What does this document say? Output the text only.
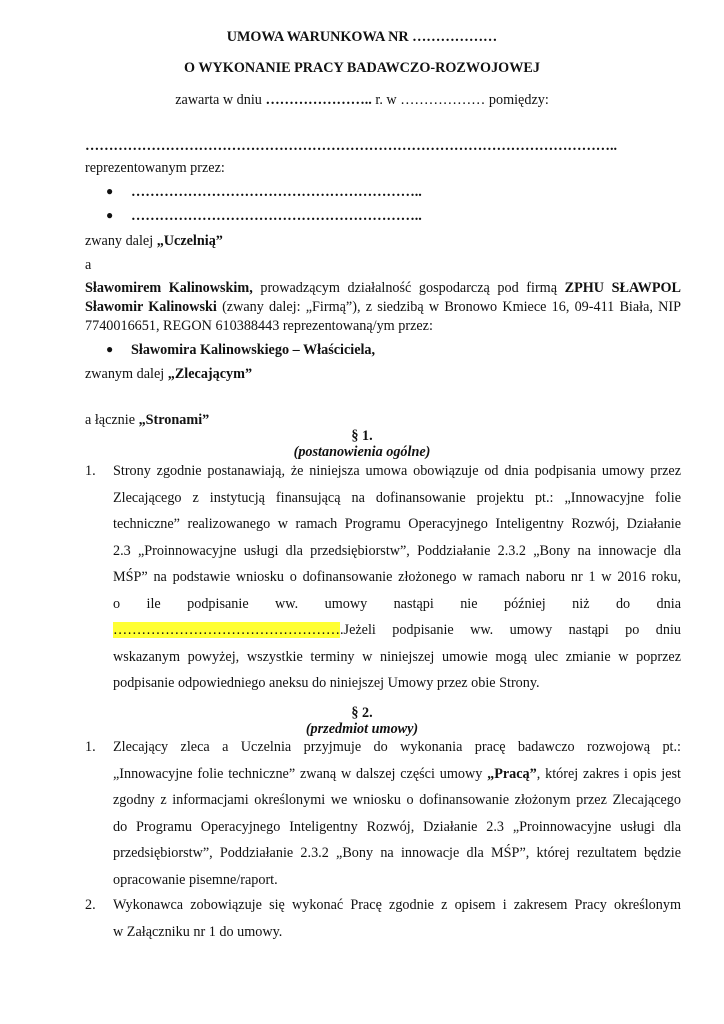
UMOWA WARUNKOWA NR ………………
O WYKONANIE PRACY BADAWCZO-ROZWOJOWEJ
zawarta w dniu ………………….. r. w ……………… pomiędzy:
…………………………………………………………………………………………………..
reprezentowanym przez:
● ……………………………………………………..
● ……………………………………………………..
zwany dalej „Uczelnią”
a
Sławomirem Kalinowskim, prowadzącym działalność gospodarczą pod firmą ZPHU SŁAWPOL
Sławomir Kalinowski (zwany dalej: „Firmą”), z siedzibą w Bronowo Kmiece 16, 09-411 Biała, NIP
7740016651, REGON 610388443 reprezentowaną/ym przez:
● Sławomira Kalinowskiego – Właściciela,
zwanym dalej „Zlecającym”
a łącznie „Stronami”
§ 1.
(postanowienia ogólne)
1. Strony zgodnie postanawiają, że niniejsza umowa obowiązuje od dnia podpisania umowy przez
Zlecającego z instytucją finansującą na dofinansowanie projektu pt.: „Innowacyjne folie
techniczne” realizowanego w ramach Programu Operacyjnego Inteligentny Rozwój, Działanie
2.3 „Proinnowacyjne usługi dla przedsiębiorstw”, Poddziałanie 2.3.2 „Bony na innowacje dla
MŚP” na podstawie wniosku o dofinansowanie złożonego w ramach naboru nr 1 w 2016 roku,
o ile podpisanie ww. umowy nastąpi nie później niż do dnia
………………………………………….Jeżeli podpisanie ww. umowy nastąpi po dniu
wskazanym powyżej, wszystkie terminy w niniejszej umowie mogą ulec zmianie w poprzez
podpisanie odpowiedniego aneksu do niniejszej Umowy przez obie Strony.
§ 2.
(przedmiot umowy)
1. Zlecający zleca a Uczelnia przyjmuje do wykonania pracę badawczo rozwojową pt.:
„Innowacyjne folie techniczne” zwaną w dalszej części umowy „Pracą”, której zakres i opis jest
zgodny z informacjami określonymi we wniosku o dofinansowanie złożonym przez Zlecającego
do Programu Operacyjnego Inteligentny Rozwój, Działanie 2.3 „Proinnowacyjne usługi dla
przedsiębiorstw”, Poddziałanie 2.3.2 „Bony na innowacje dla MŚP”, której rezultatem będzie
opracowanie pisemne/raport.
2. Wykonawca zobowiązuje się wykonać Pracę zgodnie z opisem i zakresem Pracy określonym
w Załączniku nr 1 do umowy.
